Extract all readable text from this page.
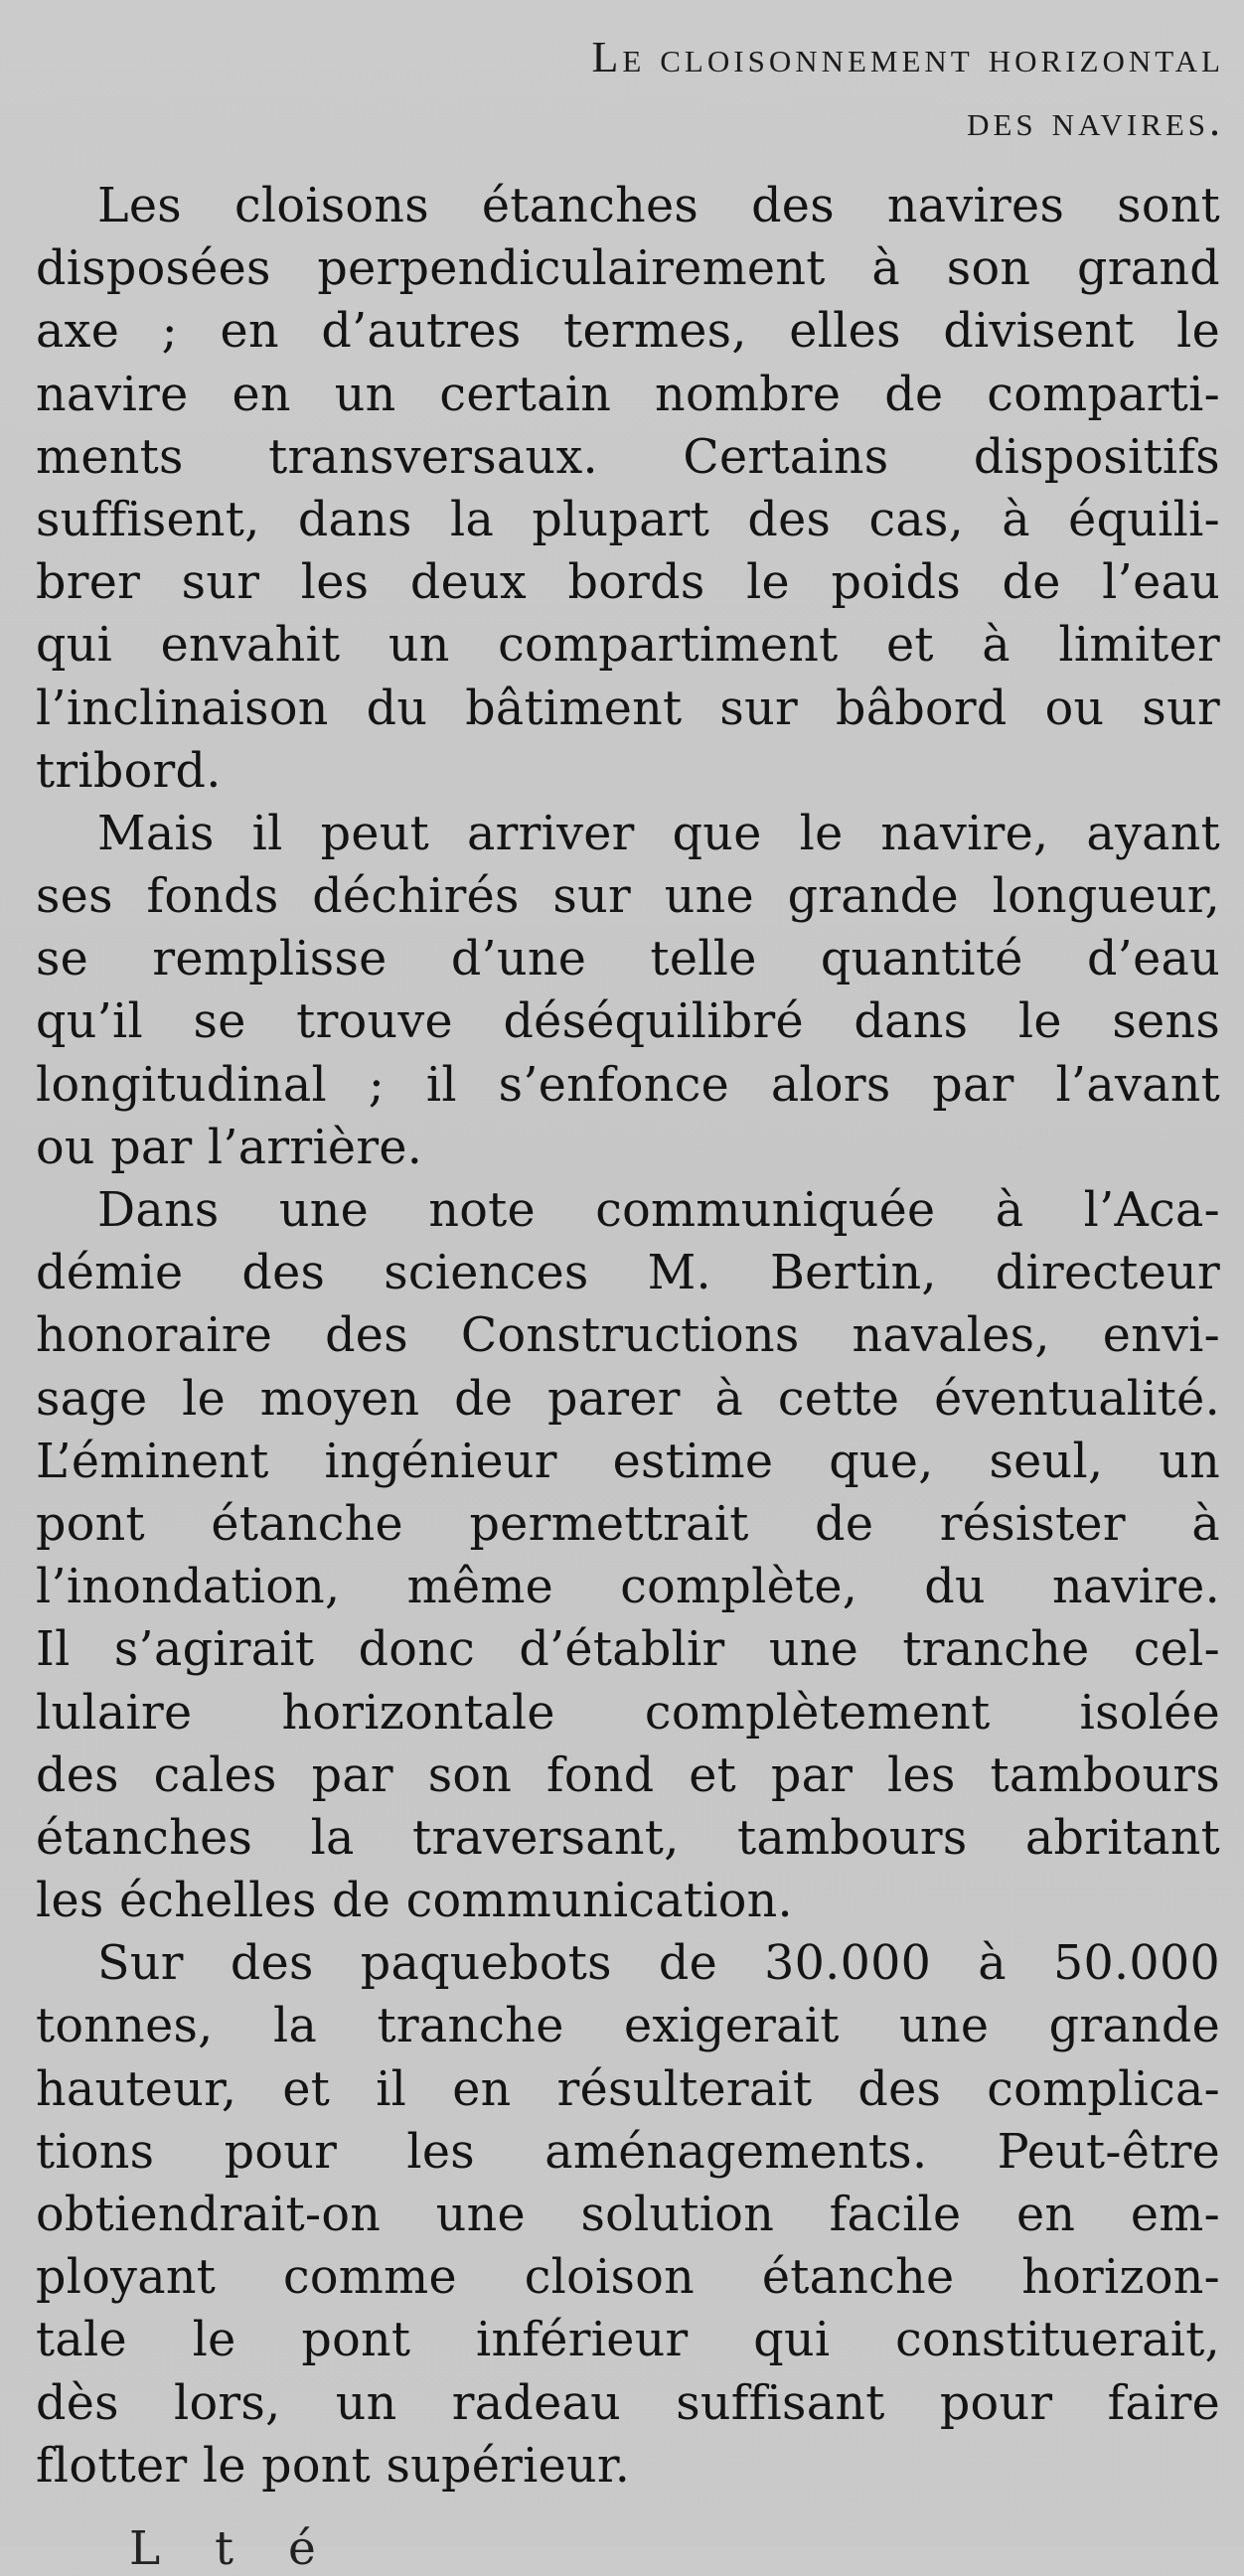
Le cloisonnement horizontal
des navires.
Les cloisons étanches des navires sont
disposées perpendiculairement à son grand
axe ; en d’autres termes, elles divisent le
navire en un certain nombre de comparti-
ments transversaux. Certains dispositifs
suffisent, dans la plupart des cas, à équili-
brer sur les deux bords le poids de l’eau
qui envahit un compartiment et à limiter
l’inclinaison du bâtiment sur bâbord ou sur
tribord.
Mais il peut arriver que le navire, ayant
ses fonds déchirés sur une grande longueur,
se remplisse d’une telle quantité d’eau
qu’il se trouve déséquilibré dans le sens
longitudinal ; il s’enfonce alors par l’avant
ou par l’arrière.
Dans une note communiquée à l’Aca-
démie des sciences M. Bertin, directeur
honoraire des Constructions navales, envi-
sage le moyen de parer à cette éventualité.
L’éminent ingénieur estime que, seul, un
pont étanche permettrait de résister à
l’inondation, même complète, du navire.
Il s’agirait donc d’établir une tranche cel-
lulaire horizontale complètement isolée
des cales par son fond et par les tambours
étanches la traversant, tambours abritant
les échelles de communication.
Sur des paquebots de 30.000 à 50.000
tonnes, la tranche exigerait une grande
hauteur, et il en résulterait des complica-
tions pour les aménagements. Peut-être
obtiendrait-on une solution facile en em-
ployant comme cloison étanche horizon-
tale le pont inférieur qui constituerait,
dès lors, un radeau suffisant pour faire
flotter le pont supérieur.
L t é
